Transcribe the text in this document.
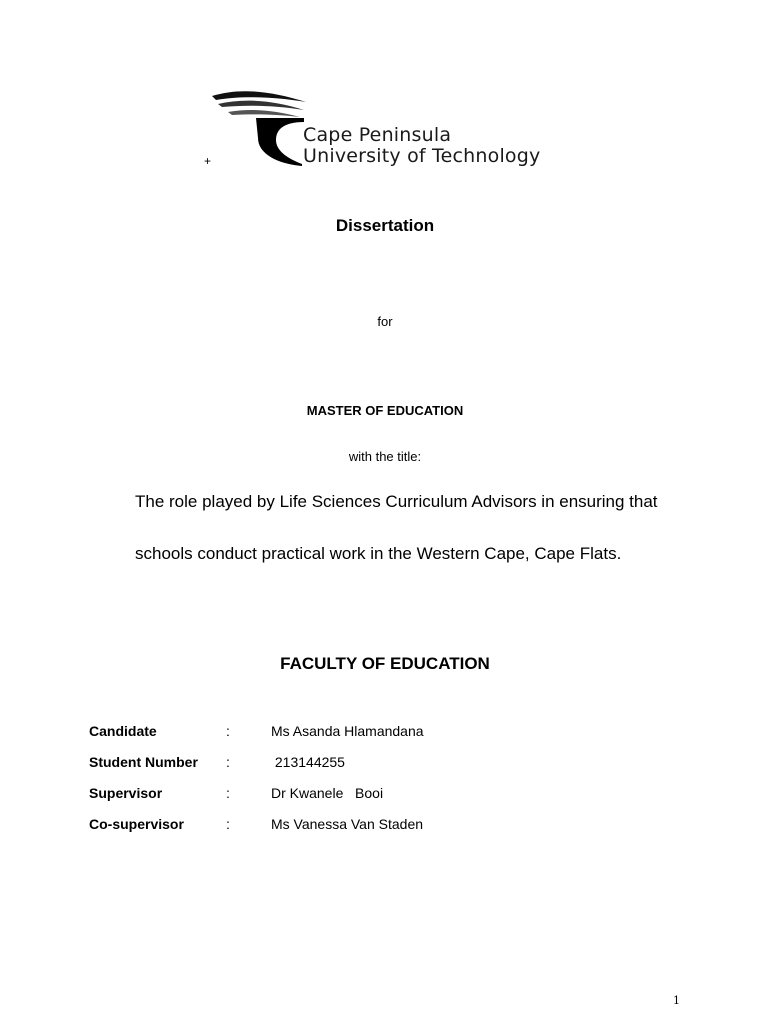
Cape Peninsula
University of Technology
+
Dissertation
for
MASTER OF EDUCATION
with the title:
The role played by Life Sciences Curriculum Advisors in ensuring that
schools conduct practical work in the Western Cape, Cape Flats.
FACULTY OF EDUCATION
Candidate	:	Ms Asanda Hlamandana
Student Number :	213144255
Supervisor	:	Dr Kwanele   Booi
Co-supervisor	:	Ms Vanessa Van Staden
1
